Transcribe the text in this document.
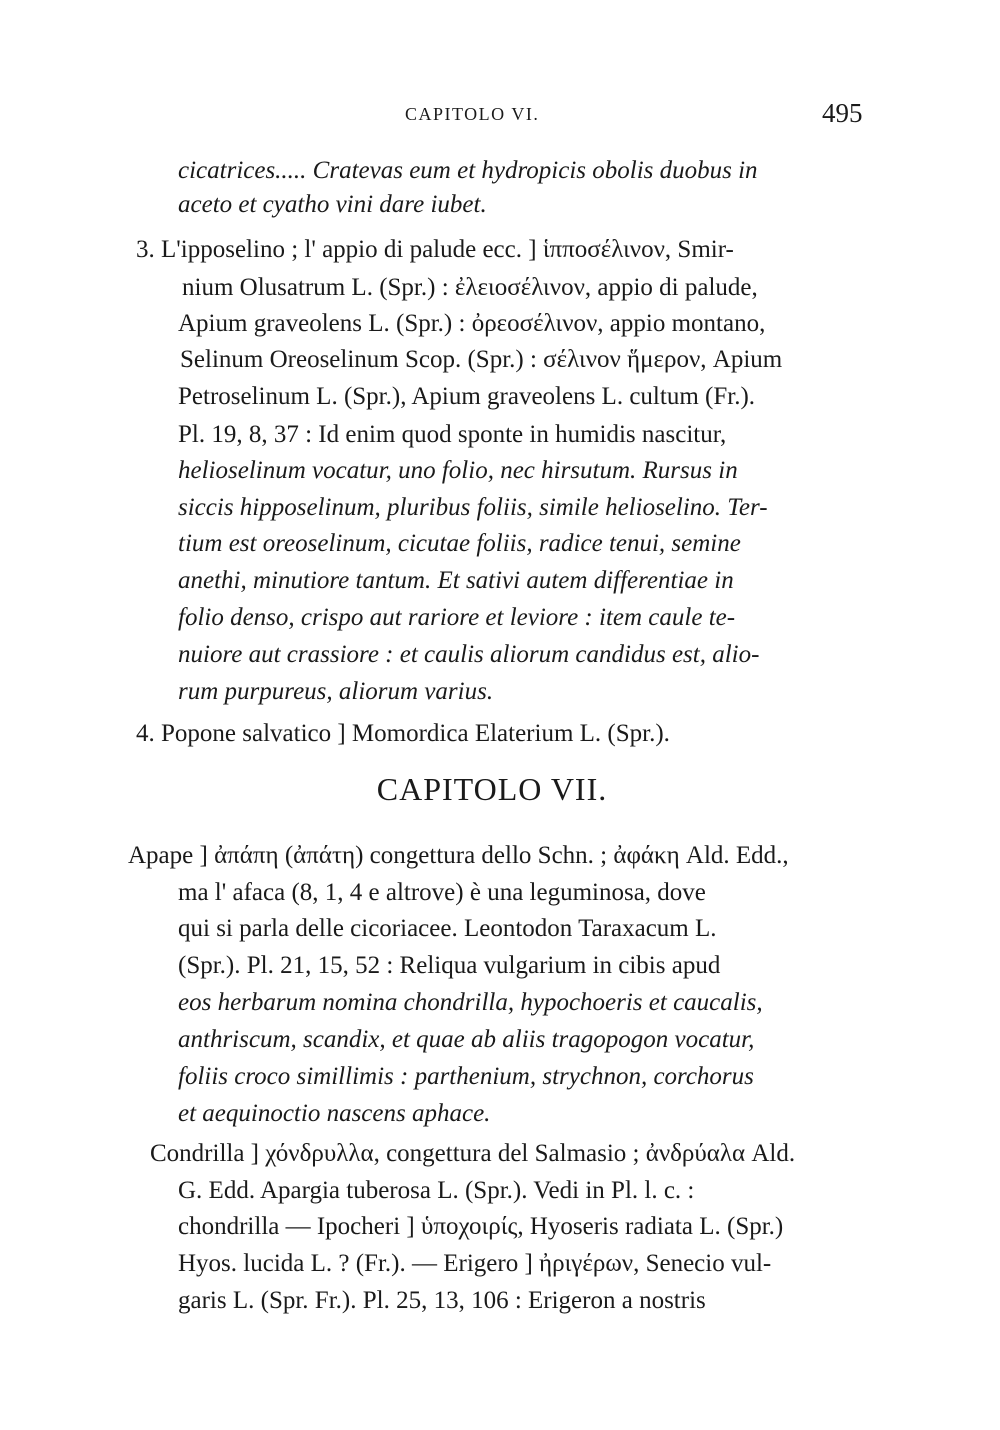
CAPITOLO VI.	495
cicatrices..... Cratevas eum et hydropicis obolis duobus in
aceto et cyatho vini dare iubet.
3. L'ipposelino ; l' appio di palude ecc. ] ἱπποσέλινον, Smir-
nium Olusatrum L. (Spr.) : ἐλειοσέλινον, appio di palude,
Apium graveolens L. (Spr.) : ὀρεοσέλινον, appio montano,
Selinum Oreoselinum Scop. (Spr.) : σέλινον ἥμερον, Apium
Petroselinum L. (Spr.), Apium graveolens L. cultum (Fr.).
Pl. 19, 8, 37 : Id enim quod sponte in humidis nascitur,
helioselinum vocatur, uno folio, nec hirsutum. Rursus in
siccis hipposelinum, pluribus foliis, simile helioselino. Ter-
tium est oreoselinum, cicutae foliis, radice tenui, semine
anethi, minutiore tantum. Et sativi autem differentiae in
folio denso, crispo aut rariore et leviore : item caule te-
nuiore aut crassiore : et caulis aliorum candidus est, alio-
rum purpureus, aliorum varius.
4. Popone salvatico ] Momordica Elaterium L. (Spr.).
CAPITOLO VII.
Apape ] ἀπάπη (ἀπάτη) congettura dello Schn. ; ἀφάκη Ald. Edd.,
ma l' afaca (8, 1, 4 e altrove) è una leguminosa, dove
qui si parla delle cicoriacee. Leontodon Taraxacum L.
(Spr.). Pl. 21, 15, 52 : Reliqua vulgarium in cibis apud
eos herbarum nomina chondrilla, hypochoeris et caucalis,
anthriscum, scandix, et quae ab aliis tragopogon vocatur,
foliis croco simillimis : parthenium, strychnon, corchorus
et aequinoctio nascens aphace.
Condrilla ] χόνδρυλλα, congettura del Salmasio ; ἀνδρύαλα Ald.
G. Edd. Apargia tuberosa L. (Spr.). Vedi in Pl. l. c. :
chondrilla — Ipocheri ] ὑποχοιρίς, Hyoseris radiata L. (Spr.)
Hyos. lucida L. ? (Fr.). — Erigero ] ἠριγέρων, Senecio vul-
garis L. (Spr. Fr.). Pl. 25, 13, 106 : Erigeron a nostris
